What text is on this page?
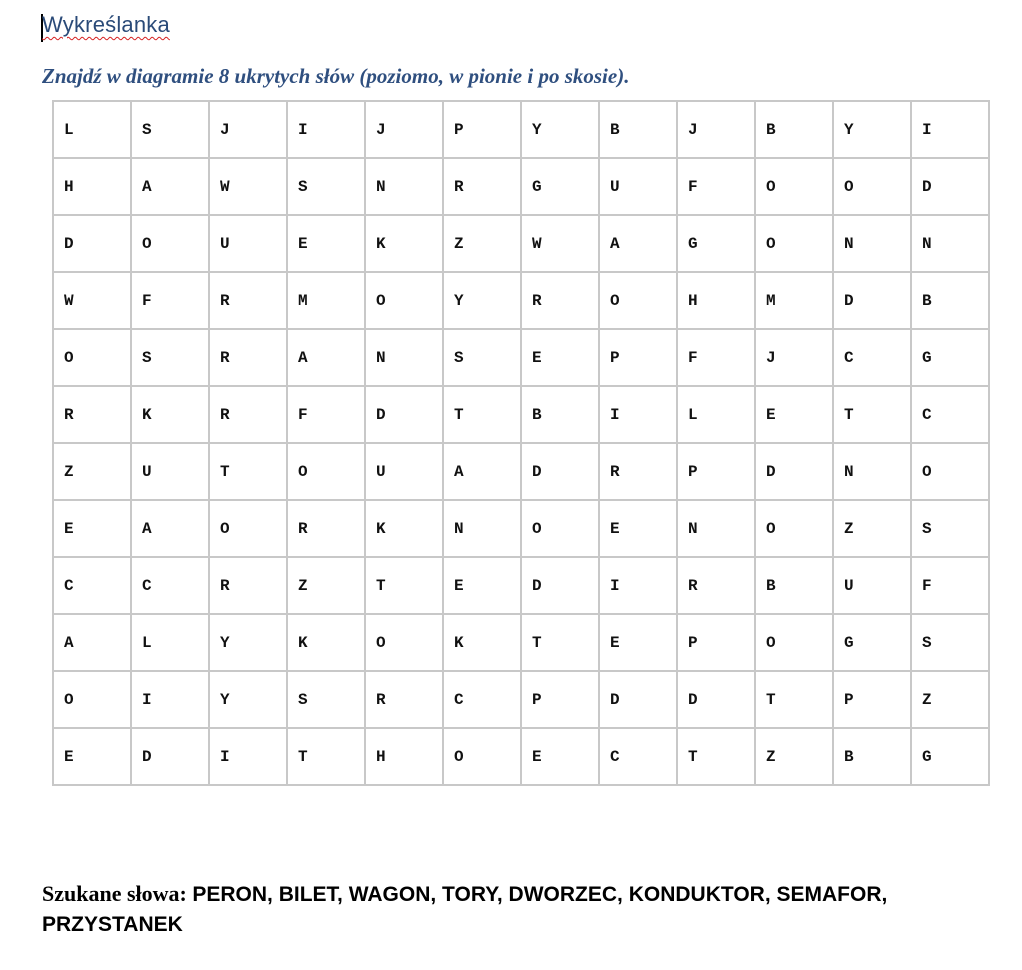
Wykreślanka
Znajdź w diagramie 8 ukrytych słów (poziomo, w pionie i po skosie).
L	S	J	I	J	P	Y	B	J	B	Y	I
H	A	W	S	N	R	G	U	F	O	O	D
D	O	U	E	K	Z	W	A	G	O	N	N
W	F	R	M	O	Y	R	O	H	M	D	B
O	S	R	A	N	S	E	P	F	J	C	G
R	K	R	F	D	T	B	I	L	E	T	C
Z	U	T	O	U	A	D	R	P	D	N	O
E	A	O	R	K	N	O	E	N	O	Z	S
C	C	R	Z	T	E	D	I	R	B	U	F
A	L	Y	K	O	K	T	E	P	O	G	S
O	I	Y	S	R	C	P	D	D	T	P	Z
E	D	I	T	H	O	E	C	T	Z	B	G
Szukane słowa: PERON, BILET, WAGON, TORY, DWORZEC, KONDUKTOR, SEMAFOR, PRZYSTANEK
